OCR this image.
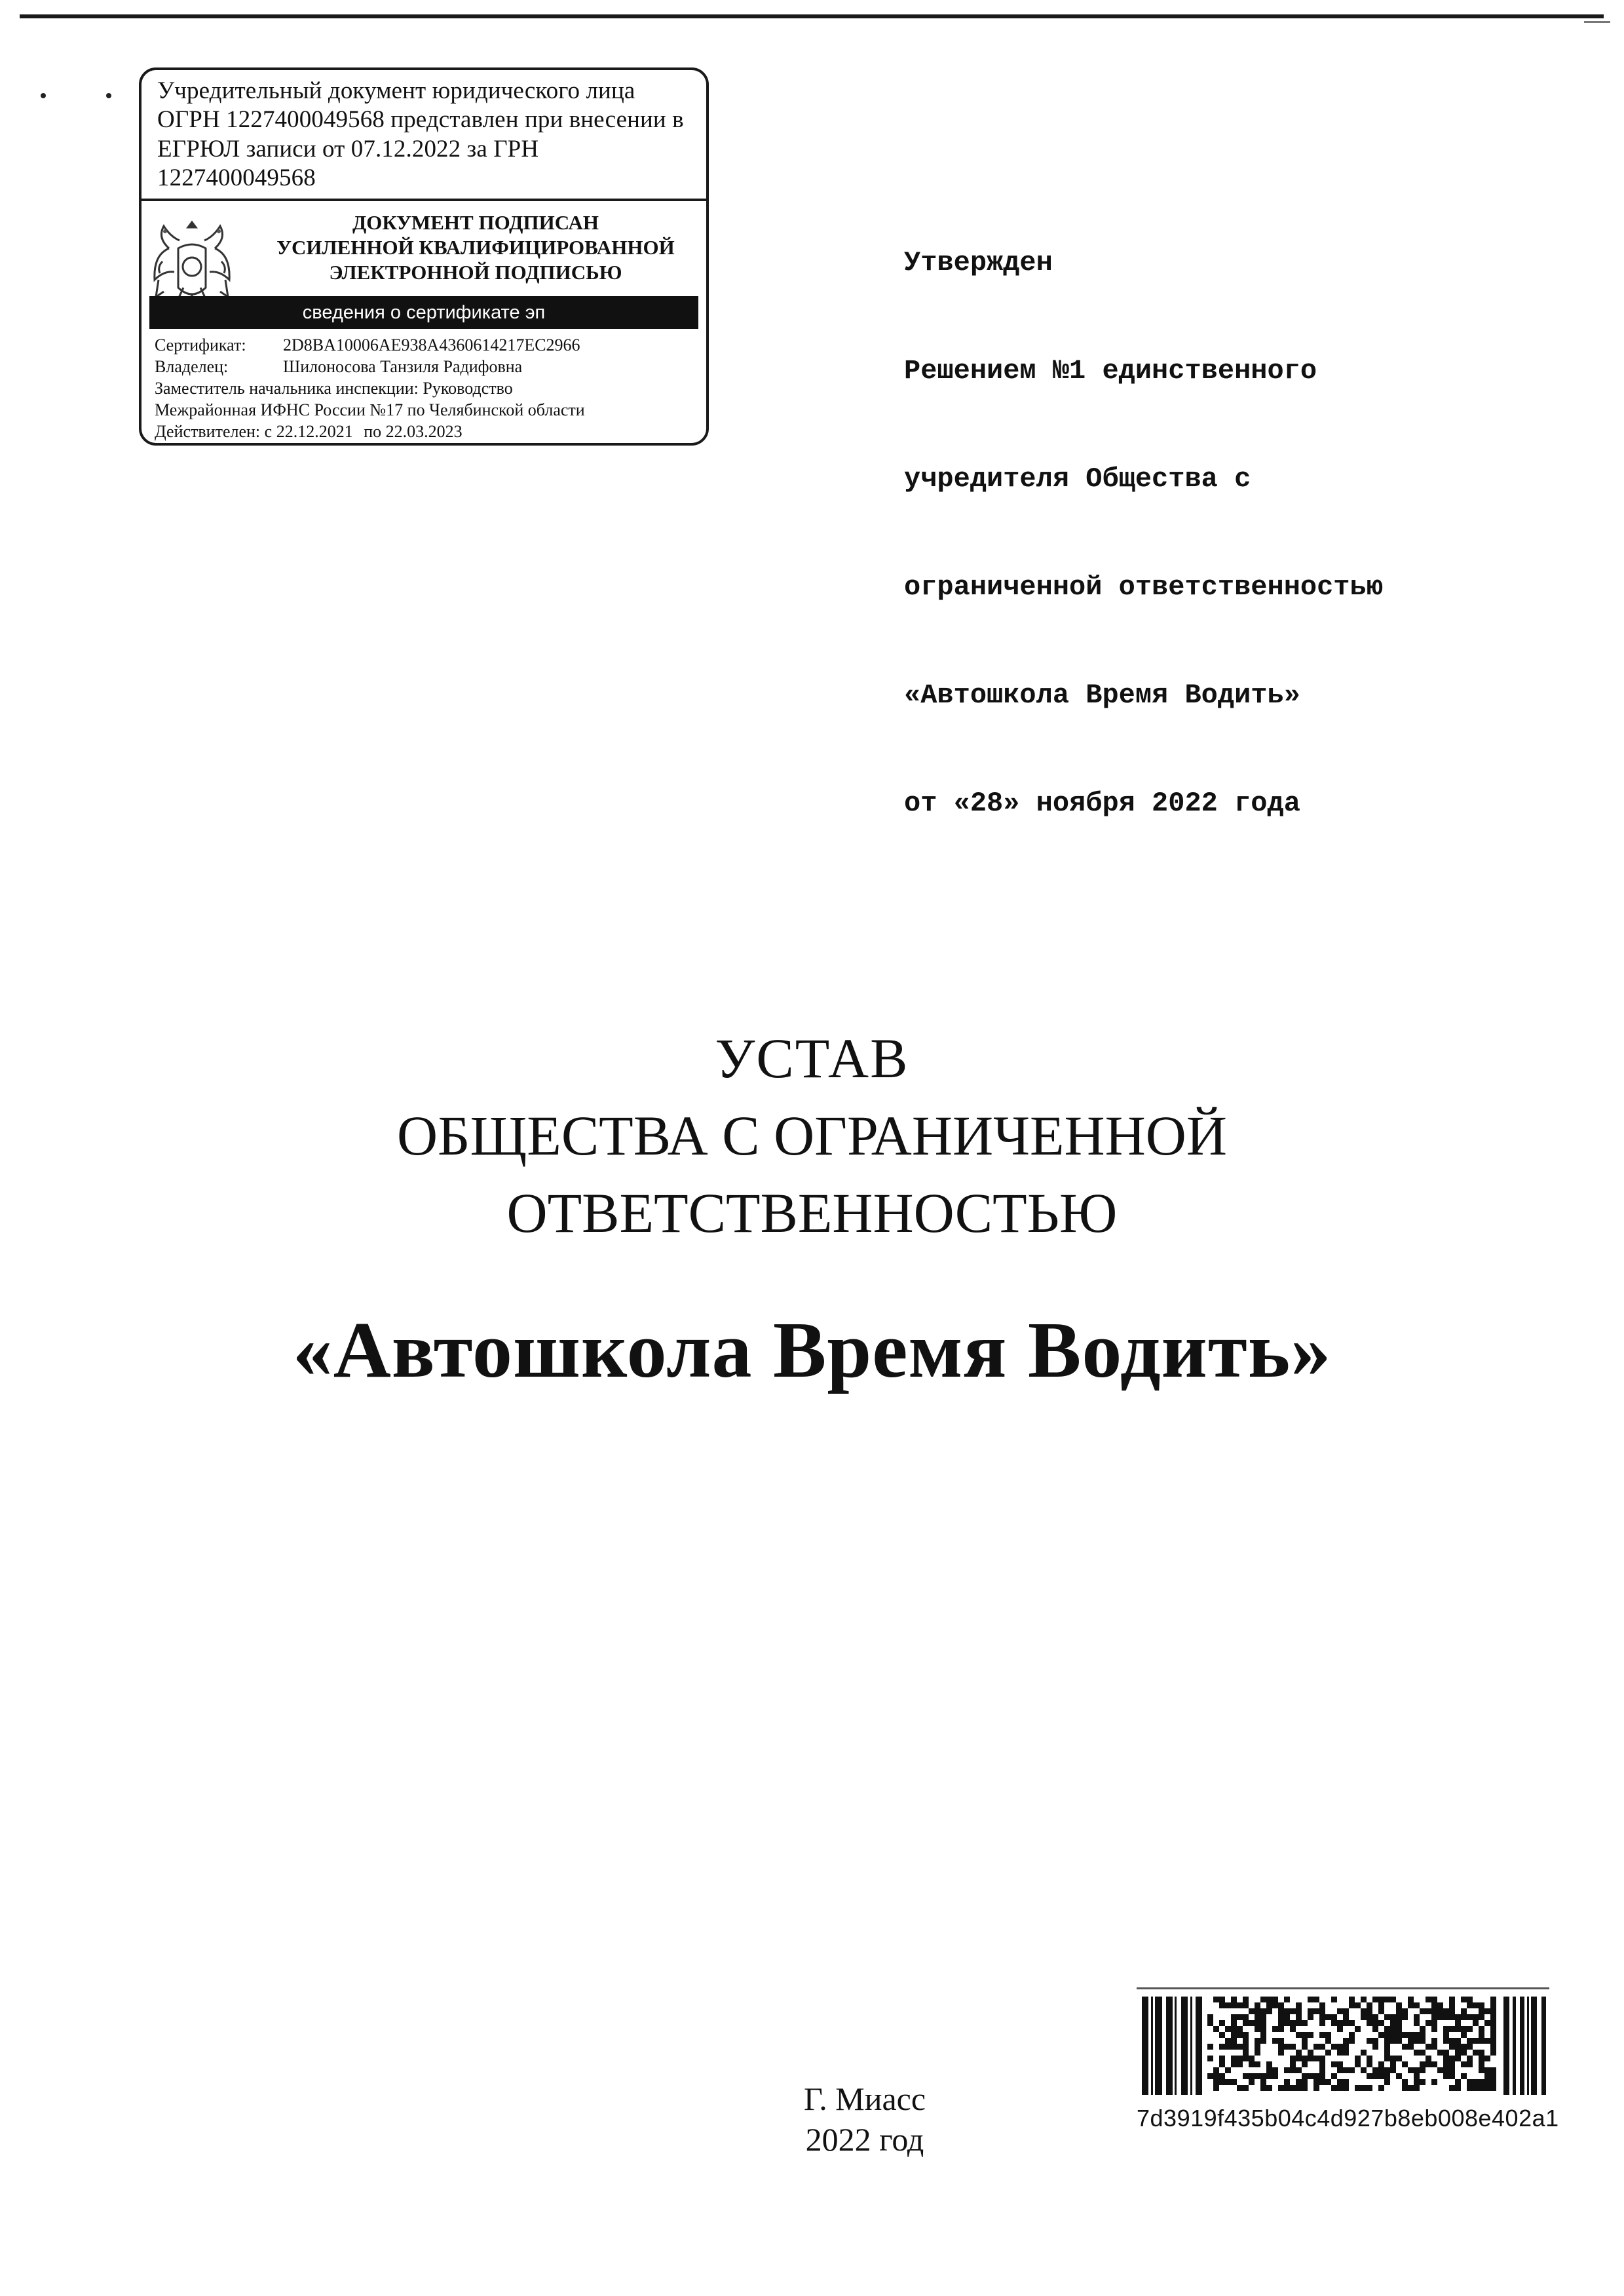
Учредительный документ юридического лица ОГРН 1227400049568 представлен при внесении в ЕГРЮЛ записи от 07.12.2022 за ГРН 1227400049568
ДОКУМЕНТ ПОДПИСАН
УСИЛЕННОЙ КВАЛИФИЦИРОВАННОЙ
ЭЛЕКТРОННОЙ ПОДПИСЬЮ
сведения о сертификате эп
Сертификат: 2D8BA10006AE938A4360614217EC2966
Владелец:	Шилоносова Танзиля Радифовна
Заместитель начальника инспекции: Руководство
Межрайонная ИФНС России №17 по Челябинской области
Действителен: с 22.12.2021 по 22.03.2023

Утвержден

Решением №1 единственного

учредителя Общества с

ограниченной ответственностью

«Автошкола Время Водить»

от «28» ноября 2022 года

УСТАВ
ОБЩЕСТВА С ОГРАНИЧЕННОЙ
ОТВЕТСТВЕННОСТЬЮ
«Автошкола Время Водить»
Г. Миасс
2022 год
7d3919f435b04c4d927b8eb008e402a1
